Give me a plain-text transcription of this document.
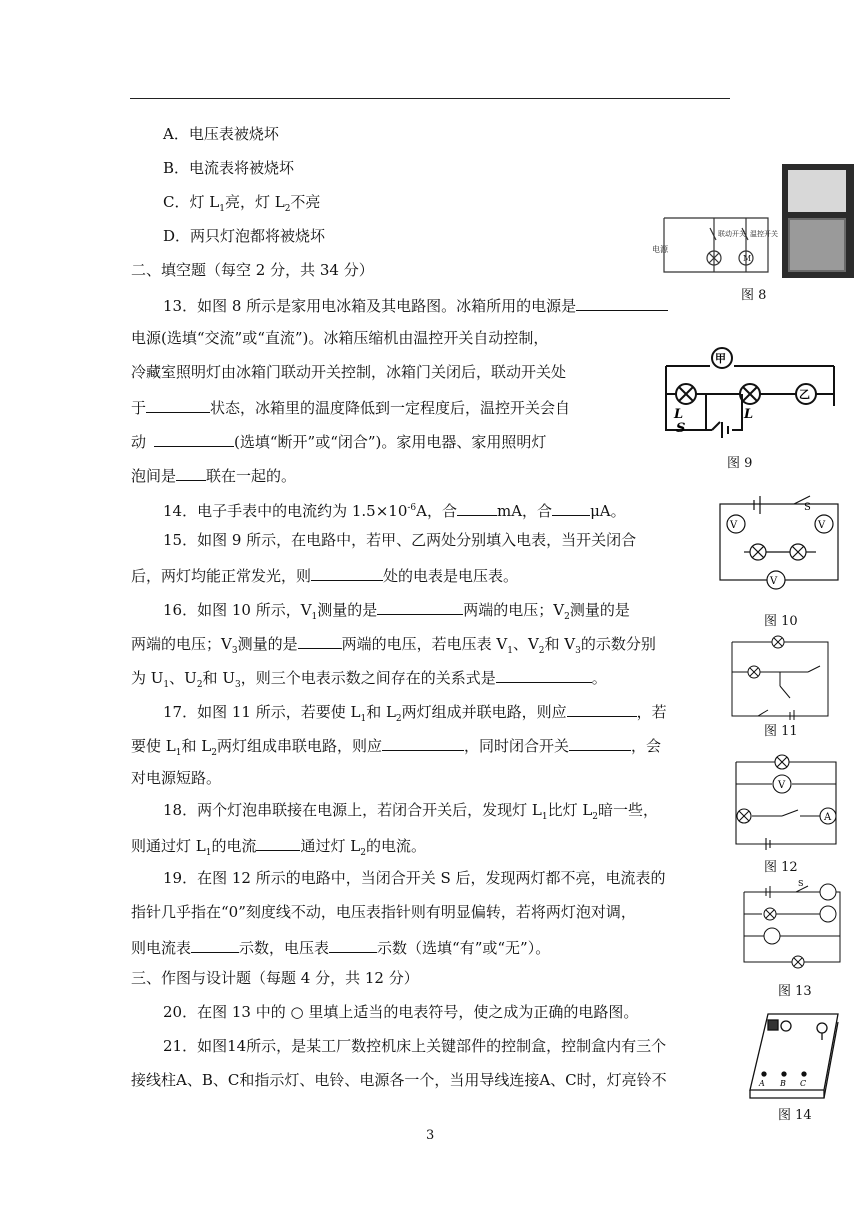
A．电压表被烧坏
B．电流表将被烧坏
C．灯 $L_1$亮，灯 $L_2$不亮
D．两只灯泡都将被烧坏
二、填空题（每空 2 分，共 34 分）
13．如图 8 所示是家用电冰箱及其电路图。冰箱所用的电源是
电源(选填“交流”或“直流”)。冰箱压缩机由温控开关自动控制，
冷藏室照明灯由冰箱门联动开关控制，冰箱门关闭后，联动开关处
于	状态，冰箱里的温度降低到一定程度后，温控开关会自
动	(选填“断开”或“闭合”)。家用电器、家用照明灯
泡间是 联在一起的。
14．电子手表中的电流约为 $1.5\times 10^{-6}A$，合	mA，合	μA。
15．如图 9 所示，在电路中，若甲、乙两处分别填入电表，当开关闭合
后，两灯均能正常发光，则	处的电表是电压表。
16．如图 10 所示，$V_1$测量的是	两端的电压；$V_2$测量的是
两端的电压；$V_3$测量的是	两端的电压，若电压表 $V_1$、$V_2$和 $V_3$的示数分别
为 $U_1$、$U_2$和 $U_3$，则三个电表示数之间存在的关系式是	。
17．如图 11 所示，若要使 $L_1$和 $L_2$两灯组成并联电路，则应	，若
要使 $L_1$和 $L_2$两灯组成串联电路，则应	，同时闭合开关	，会
对电源短路。
18．两个灯泡串联接在电源上，若闭合开关后，发现灯 $L_1$比灯 $L_2$暗一些，
则通过灯 $L_1$的电流	通过灯 $L_2$的电流。
19．在图 12 所示的电路中，当闭合开关 S 后，发现两灯都不亮，电流表的
指针几乎指在“0”刻度线不动，电压表指针则有明显偏转，若将两灯泡对调，
则电流表	示数，电压表	示数（选填“有”或“无”）。
三、作图与设计题（每题 4 分，共 12 分）
20．在图 13 中的 ○ 里填上适当的电表符号，使之成为正确的电路图。
21．如图14所示，是某工厂数控机床上关键部件的控制盒，控制盒内有三个
接线柱A、B、C和指示灯、电铃、电源各一个，当用导线连接A、C时，灯亮铃不
电源
M
联动开关 温控开关
图 8
甲
乙
L	L
S
图 9
V	V
V
S
图 10
图 11
V
A
图 12
S
图 13
A B C
图 14
3
